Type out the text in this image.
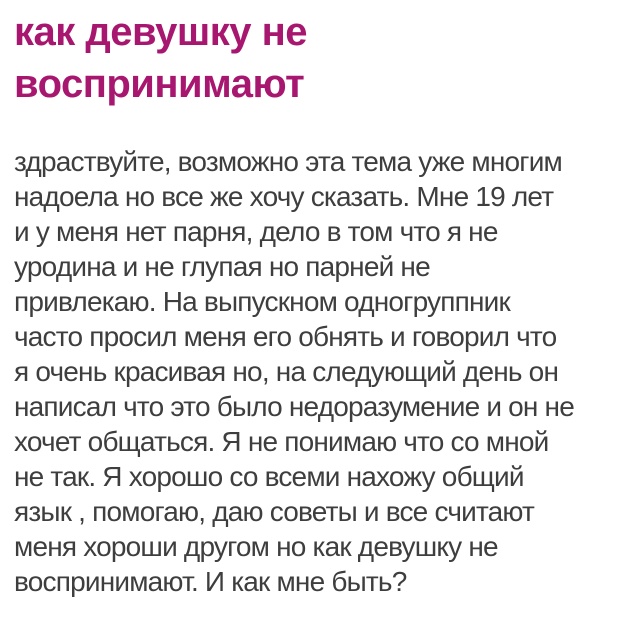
как девушку не
воспринимают
здраствуйте, возможно эта тема уже многим
надоела но все же хочу сказать. Мне 19 лет
и у меня нет парня, дело в том что я не
уродина и не глупая но парней не
привлекаю. На выпускном одногруппник
часто просил меня его обнять и говорил что
я очень красивая но, на следующий день он
написал что это было недоразумение и он не
хочет общаться. Я не понимаю что со мной
не так. Я хорошо со всеми нахожу общий
язык , помогаю, даю советы и все считают
меня хороши другом но как девушку не
воспринимают. И как мне быть?
